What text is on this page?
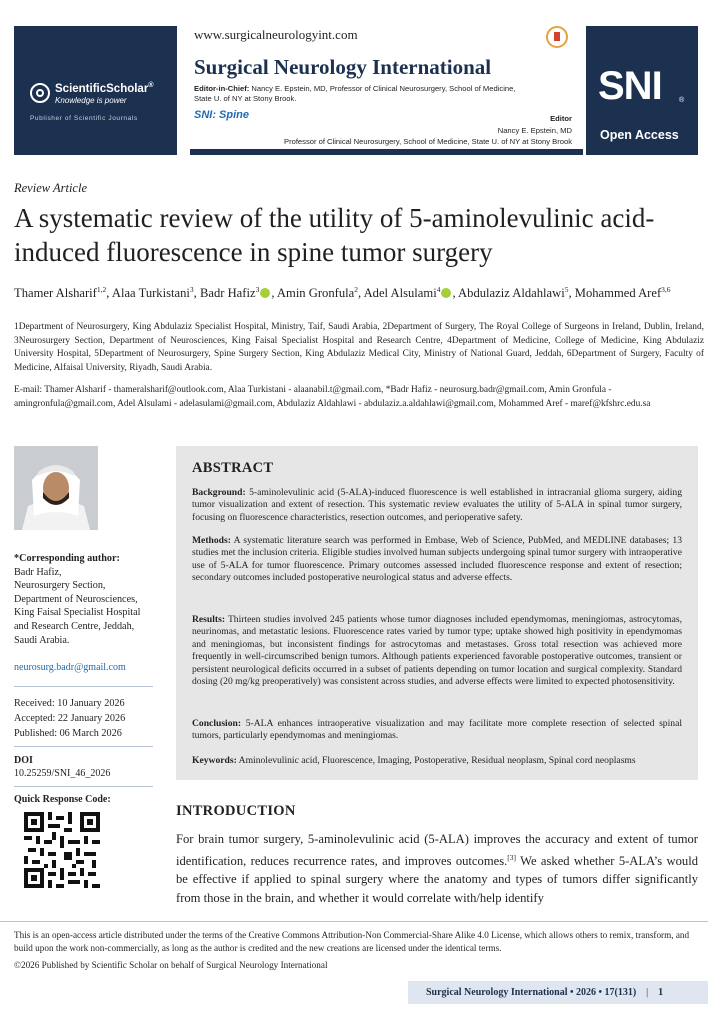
ScientificScholar®
Knowledge is power
Publisher of Scientific Journals
www.surgicalneurologyint.com
Surgical Neurology International
Editor-in-Chief: Nancy E. Epstein, MD, Professor of Clinical Neurosurgery, School of Medicine, State U. of NY at Stony Brook.
SNI: Spine	Editor
Nancy E. Epstein, MD
Professor of Clinical Neurosurgery, School of Medicine, State U. of NY at Stony Brook
SNI ®
Open Access
Review Article
A systematic review of the utility of 5-aminolevulinic acid-induced fluorescence in spine tumor surgery
Thamer Alsharif$^{1,2}$, Alaa Turkistani$^3$, Badr Hafiz$^3$ , Amin Gronfula$^2$, Adel Alsulami$^4$ , Abdulaziz Aldahlawi$^5$, Mohammed Aref$^{3,6}$
1Department of Neurosurgery, King Abdulaziz Specialist Hospital, Ministry, Taif, Saudi Arabia, 2Department of Surgery, The Royal College of Surgeons in Ireland, Dublin, Ireland, 3Neurosurgery Section, Department of Neurosciences, King Faisal Specialist Hospital and Research Centre, 4Department of Medicine, College of Medicine, King Abdulaziz University Hospital, 5Department of Neurosurgery, Spine Surgery Section, King Abdulaziz Medical City, Ministry of National Guard, Jeddah, 6Department of Surgery, Faculty of Medicine, Alfaisal University, Riyadh, Saudi Arabia.
E-mail: Thamer Alsharif - thameralsharif@outlook.com, Alaa Turkistani - alaanabil.t@gmail.com, *Badr Hafiz - neurosurg.badr@gmail.com, Amin Gronfula - amingronfula@gmail.com, Adel Alsulami - adelasulami@gmail.com, Abdulaziz Aldahlawi - abdulaziz.a.aldahlawi@gmail.com, Mohammed Aref - maref@kfshrc.edu.sa
*Corresponding author:
Badr Hafiz,
Neurosurgery Section,
Department of Neurosciences,
King Faisal Specialist Hospital
and Research Centre, Jeddah,
Saudi Arabia.
neurosurg.badr@gmail.com
Received: 10 January 2026
Accepted: 22 January 2026
Published: 06 March 2026
DOI
10.25259/SNI_46_2026
Quick Response Code:
ABSTRACT
Background: 5-aminolevulinic acid (5-ALA)-induced fluorescence is well established in intracranial glioma surgery, aiding tumor visualization and extent of resection. This systematic review evaluates the utility of 5-ALA in spinal tumor surgery, focusing on fluorescence characteristics, resection outcomes, and perioperative safety.
Methods: A systematic literature search was performed in Embase, Web of Science, PubMed, and MEDLINE databases; 13 studies met the inclusion criteria. Eligible studies involved human subjects undergoing spinal tumor surgery with intraoperative use of 5-ALA for tumor fluorescence. Primary outcomes assessed included fluorescence response and extent of resection; secondary outcomes included postoperative neurological status and adverse effects.
Results: Thirteen studies involved 245 patients whose tumor diagnoses included ependymomas, meningiomas, astrocytomas, neurinomas, and metastatic lesions. Fluorescence rates varied by tumor type; uptake showed high positivity in ependymomas and meningiomas, but inconsistent findings for astrocytomas and metastases. Gross total resection was achieved more frequently in well-circumscribed benign tumors. Although patients experienced favorable postoperative outcomes, transient or persistent neurological deficits occurred in a subset of patients depending on tumor location and surgical complexity. Standard dosing (20 mg/kg preoperatively) was consistent across studies, and adverse effects were limited to expected photosensitivity.
Conclusion: 5-ALA enhances intraoperative visualization and may facilitate more complete resection of selected spinal tumors, particularly ependymomas and meningiomas.
Keywords: Aminolevulinic acid, Fluorescence, Imaging, Postoperative, Residual neoplasm, Spinal cord neoplasms
INTRODUCTION
For brain tumor surgery, 5-aminolevulinic acid (5-ALA) improves the accuracy and extent of tumor identification, reduces recurrence rates, and improves outcomes.[3] We asked whether 5-ALA’s would be effective if applied to spinal surgery where the anatomy and types of tumors differ significantly from those in the brain, and whether it would correlate with/help identify
This is an open-access article distributed under the terms of the Creative Commons Attribution-Non Commercial-Share Alike 4.0 License, which allows others to remix, transform, and build upon the work non-commercially, as long as the author is credited and the new creations are licensed under the identical terms.
©2026 Published by Scientific Scholar on behalf of Surgical Neurology International
Surgical Neurology International • 2026 • 17(131) | 1
